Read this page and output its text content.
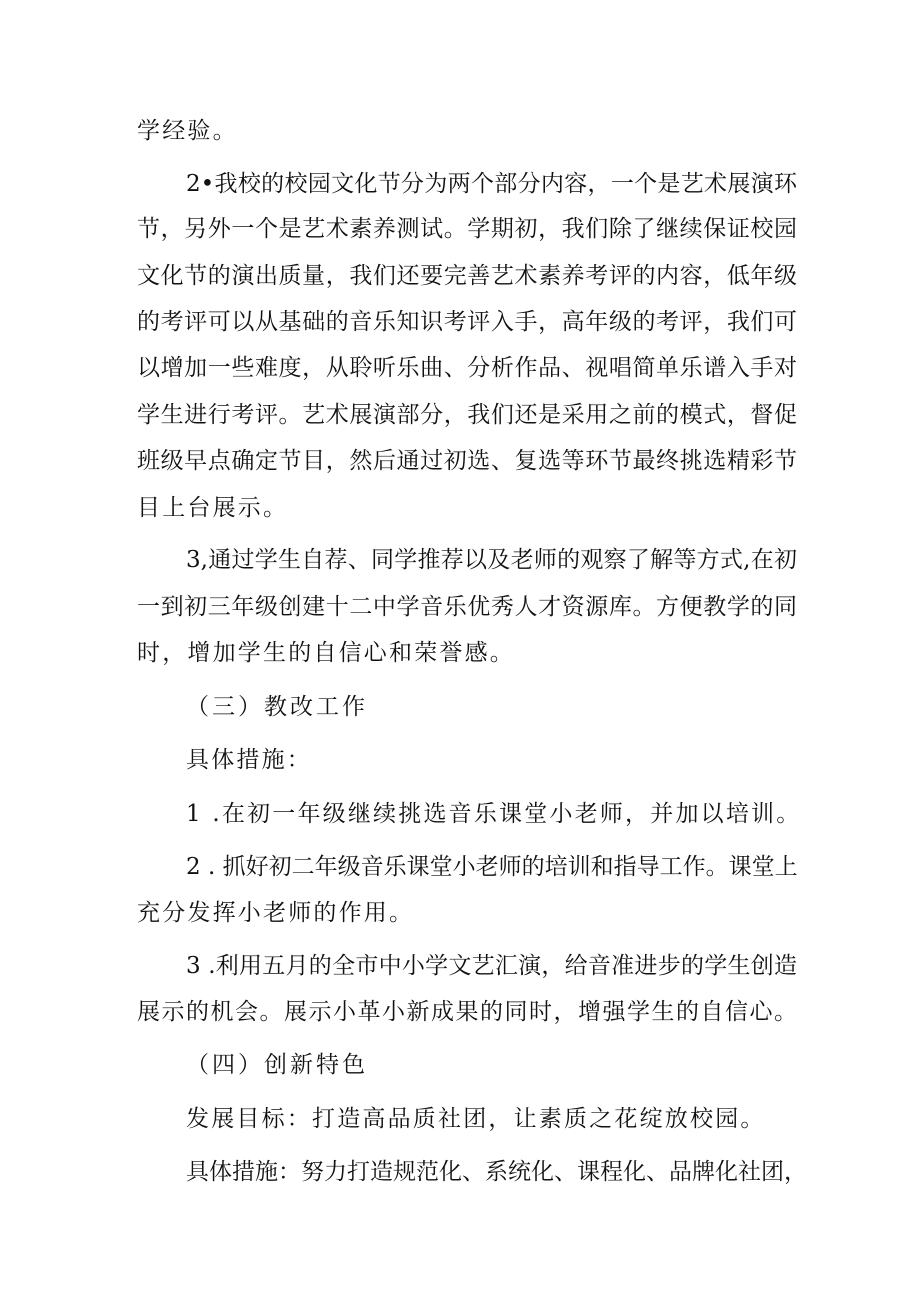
学经验。
2•我校的校园文化节分为两个部分内容，一个是艺术展演环
节，另外一个是艺术素养测试。学期初，我们除了继续保证校园
文化节的演出质量，我们还要完善艺术素养考评的内容，低年级
的考评可以从基础的音乐知识考评入手，高年级的考评，我们可
以增加一些难度，从聆听乐曲、分析作品、视唱简单乐谱入手对
学生进行考评。艺术展演部分，我们还是采用之前的模式，督促
班级早点确定节目，然后通过初选、复选等环节最终挑选精彩节
目上台展示。
3,通过学生自荐、同学推荐以及老师的观察了解等方式,在初
一到初三年级创建十二中学音乐优秀人才资源库。方便教学的同
时，增加学生的自信心和荣誉感。
（三）教改工作
具体措施：
1 .在初一年级继续挑选音乐课堂小老师，并加以培训。
2 . 抓好初二年级音乐课堂小老师的培训和指导工作。课堂上
充分发挥小老师的作用。
3 .利用五月的全市中小学文艺汇演，给音准进步的学生创造
展示的机会。展示小革小新成果的同时，增强学生的自信心。
（四）创新特色
发展目标：打造高品质社团，让素质之花绽放校园。
具体措施：努力打造规范化、系统化、课程化、品牌化社团，
